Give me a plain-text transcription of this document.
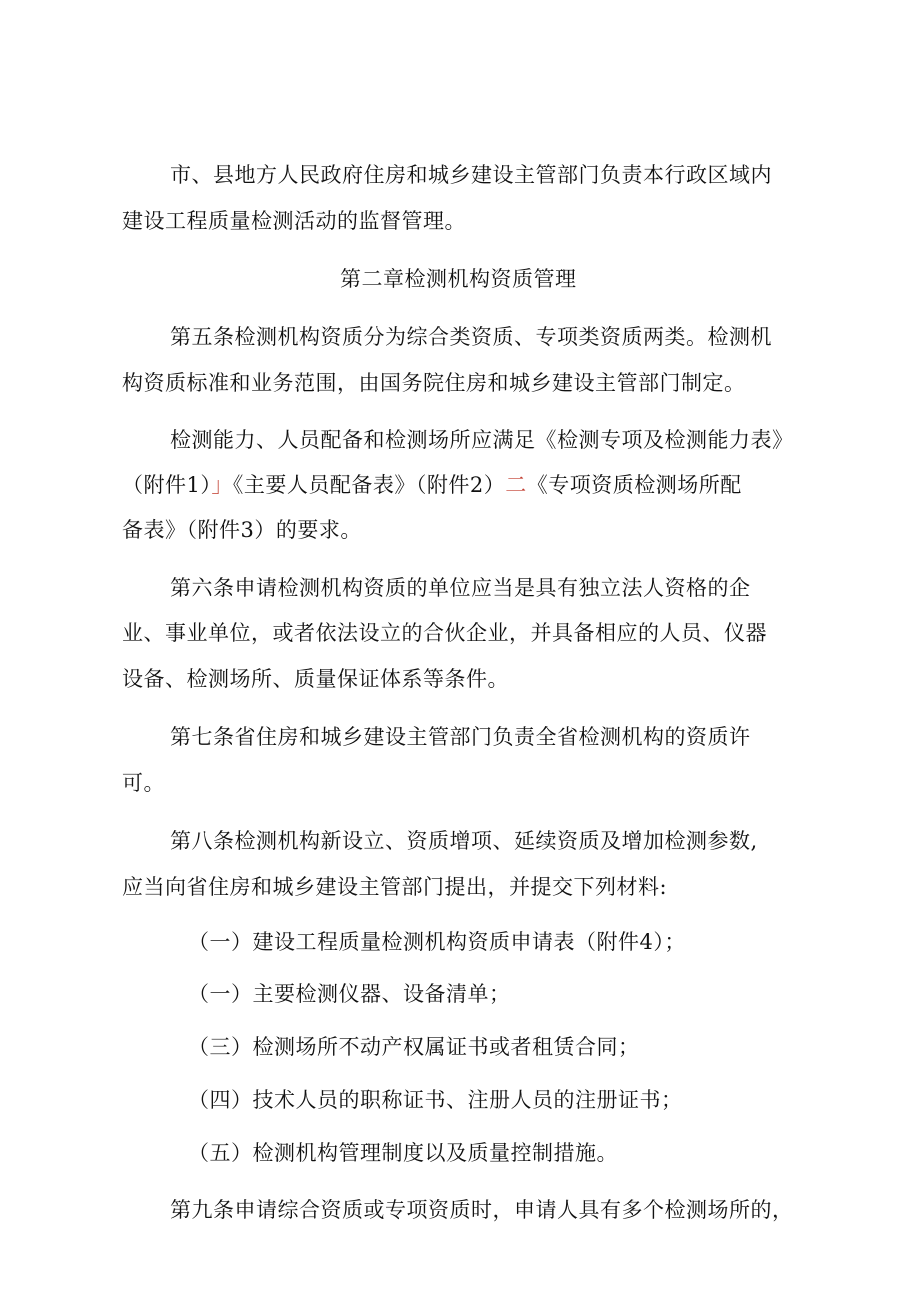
市、县地方人民政府住房和城乡建设主管部门负责本行政区域内
建设工程质量检测活动的监督管理。
第二章检测机构资质管理
第五条检测机构资质分为综合类资质、专项类资质两类。检测机
构资质标准和业务范围，由国务院住房和城乡建设主管部门制定。
检测能力、人员配备和检测场所应满足《检测专项及检测能力表》
（附件1）」《主要人员配备表》（附件2）二《专项资质检测场所配
备表》（附件3）的要求。
第六条申请检测机构资质的单位应当是具有独立法人资格的企
业、事业单位，或者依法设立的合伙企业，并具备相应的人员、仪器
设备、检测场所、质量保证体系等条件。
第七条省住房和城乡建设主管部门负责全省检测机构的资质许
可。
第八条检测机构新设立、资质增项、延续资质及增加检测参数,
应当向省住房和城乡建设主管部门提出，并提交下列材料:
（一）建设工程质量检测机构资质申请表（附件4）；
（一）主要检测仪器、设备清单；
（三）检测场所不动产权属证书或者租赁合同；
（四）技术人员的职称证书、注册人员的注册证书；
（五）检测机构管理制度以及质量控制措施。
第九条申请综合资质或专项资质时，申请人具有多个检测场所的，
